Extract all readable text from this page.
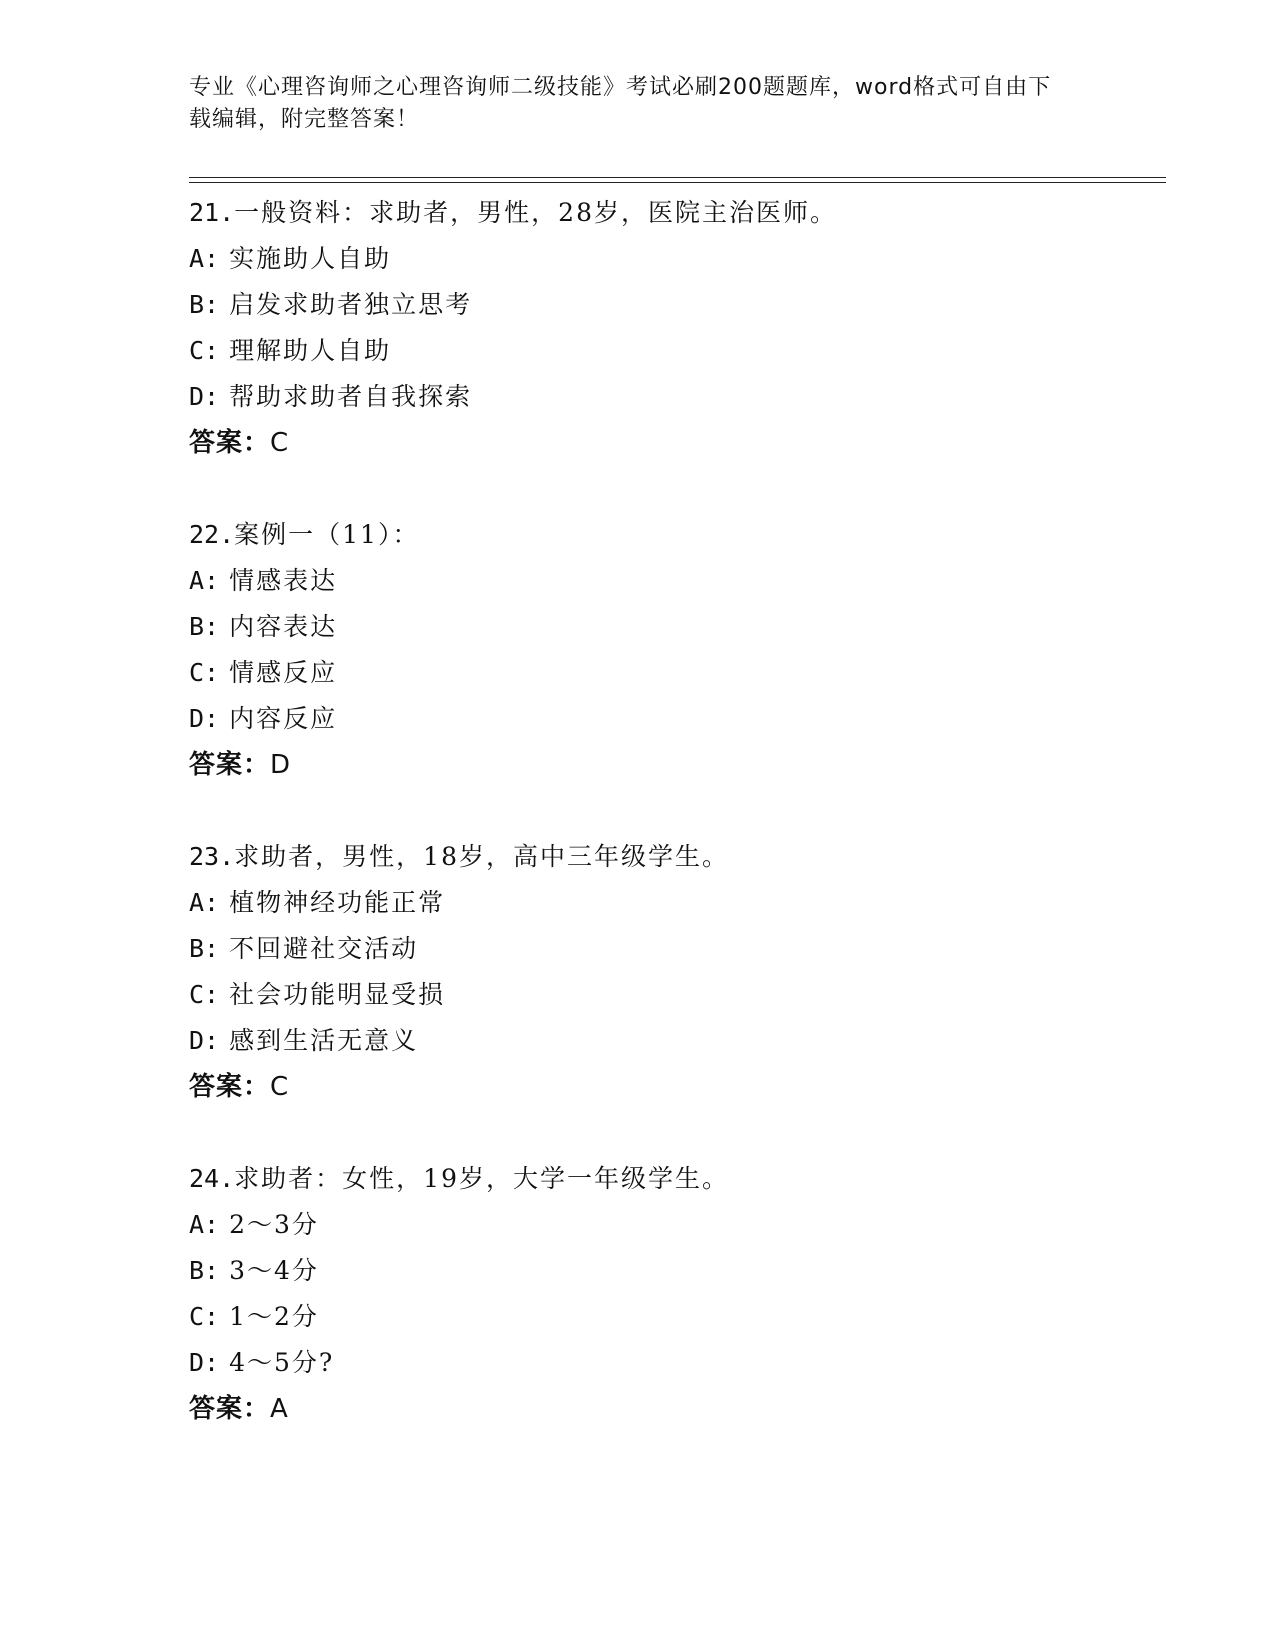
专业《心理咨询师之心理咨询师二级技能》考试必刷200题题库，word格式可自由下载编辑，附完整答案！
21.一般资料：求助者，男性，28岁，医院主治医师。
A: 实施助人自助
B: 启发求助者独立思考
C: 理解助人自助
D: 帮助求助者自我探索
答案：C
22.案例一（11）：
A: 情感表达
B: 内容表达
C: 情感反应
D: 内容反应
答案：D
23.求助者，男性，18岁，高中三年级学生。
A: 植物神经功能正常
B: 不回避社交活动
C: 社会功能明显受损
D: 感到生活无意义
答案：C
24.求助者：女性，19岁，大学一年级学生。
A: 2～3分
B: 3～4分
C: 1～2分
D: 4～5分?
答案：A
